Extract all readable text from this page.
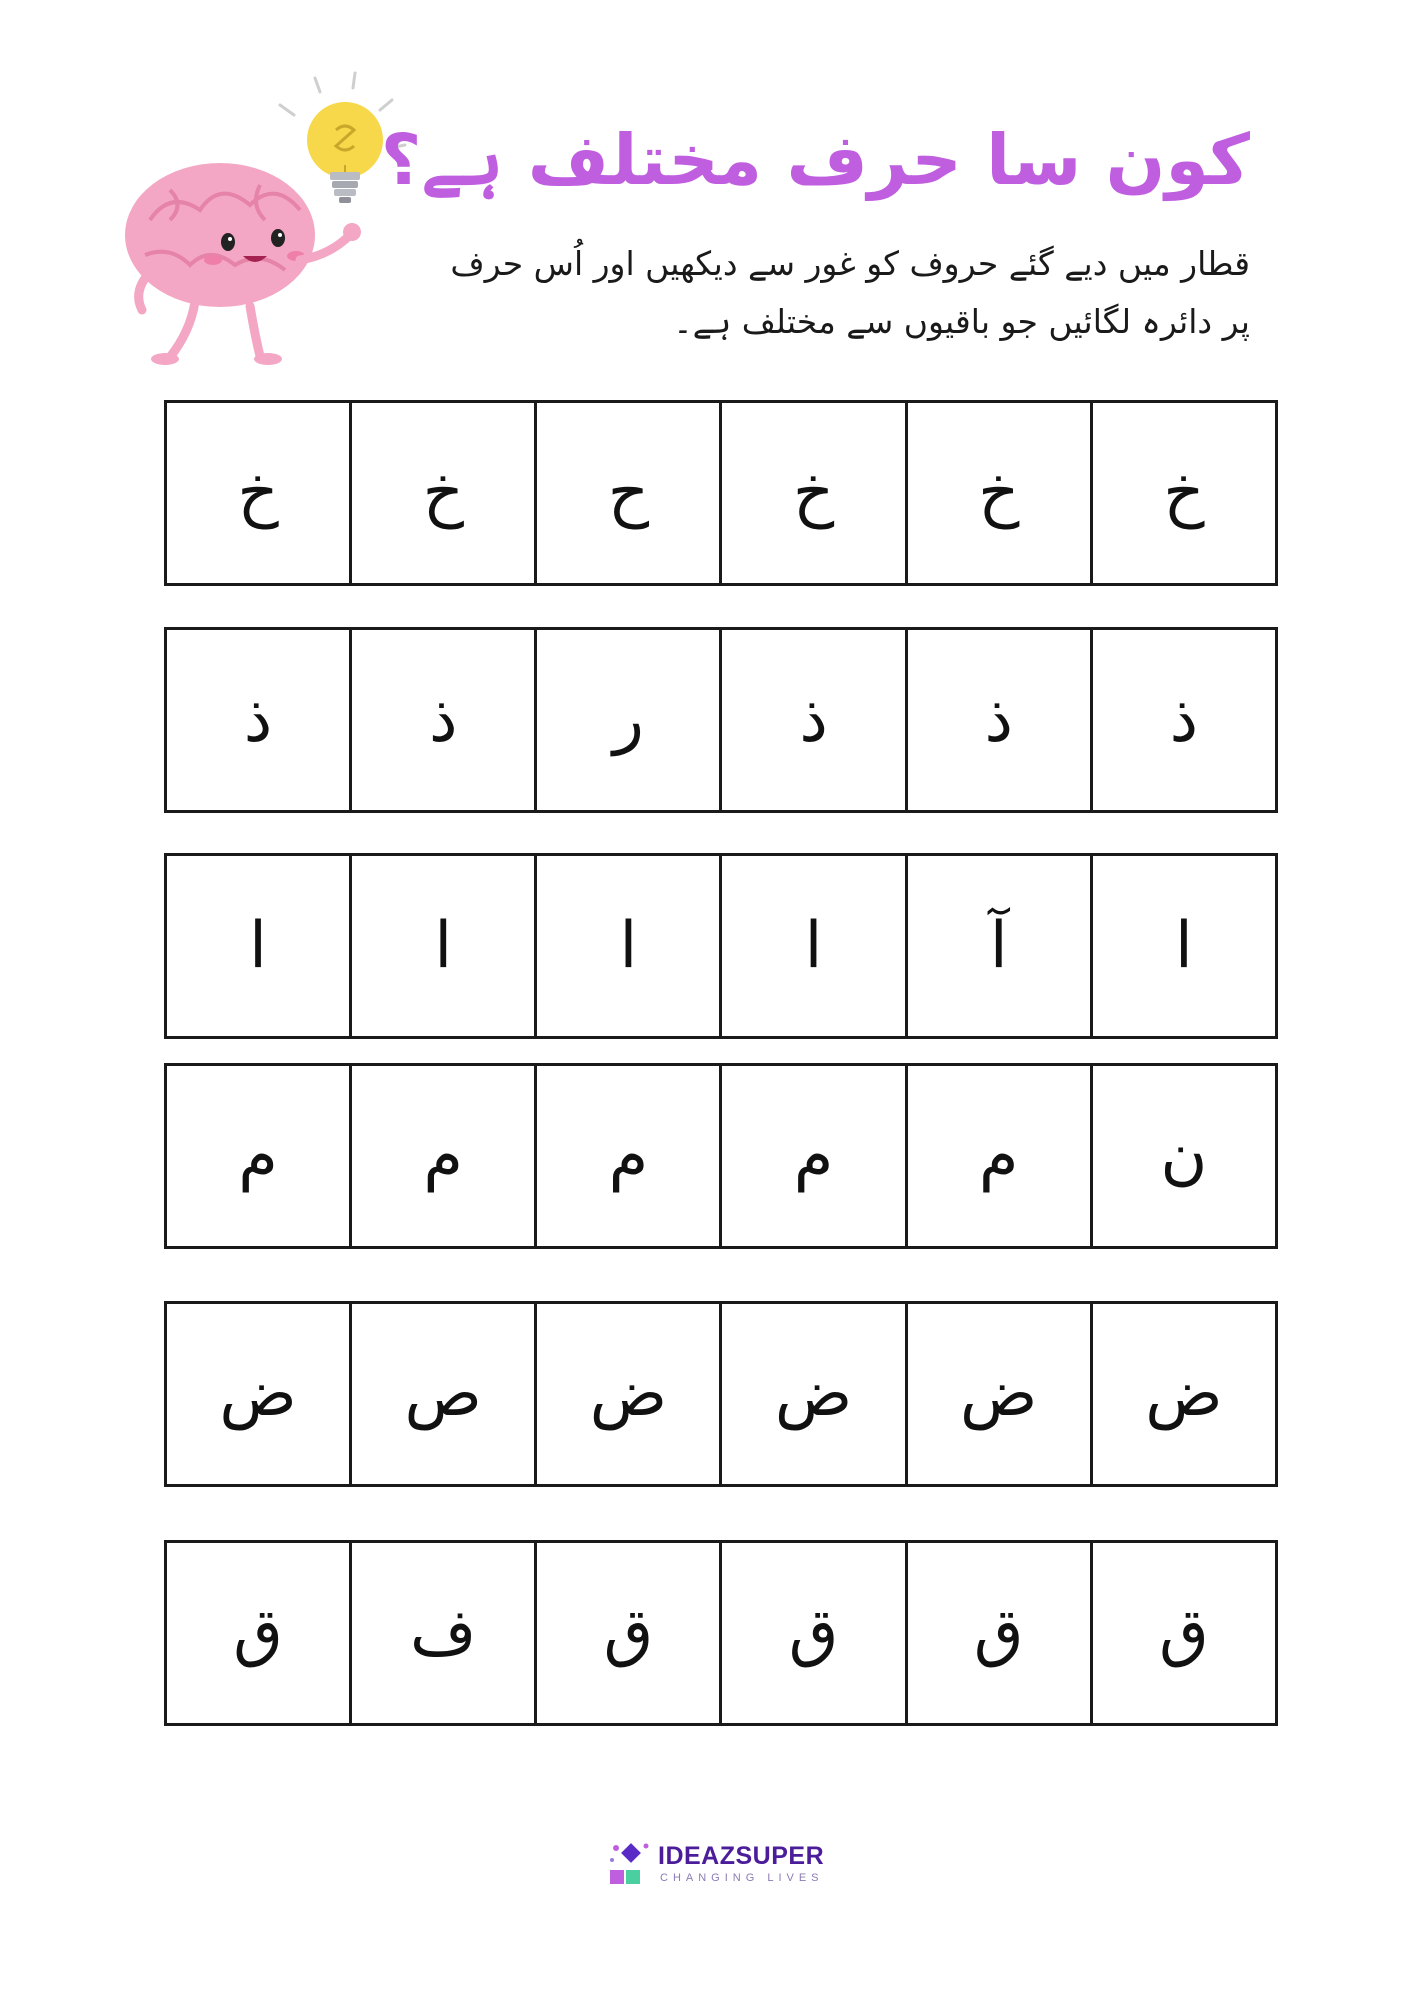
کون سا حرف مختلف ہے؟
قطار میں دیے گئے حروف کو غور سے دیکھیں اور اُس حرف
پر دائرہ لگائیں جو باقیوں سے مختلف ہے۔
خ
خ
خ
ح
خ
خ
ذ
ذ
ذ
ر
ذ
ذ
ا
آ
ا
ا
ا
ا
ن
م
م
م
م
م
ض
ض
ض
ض
ص
ض
ق
ق
ق
ق
ف
ق
IDEAZSUPER
CHANGING LIVES
